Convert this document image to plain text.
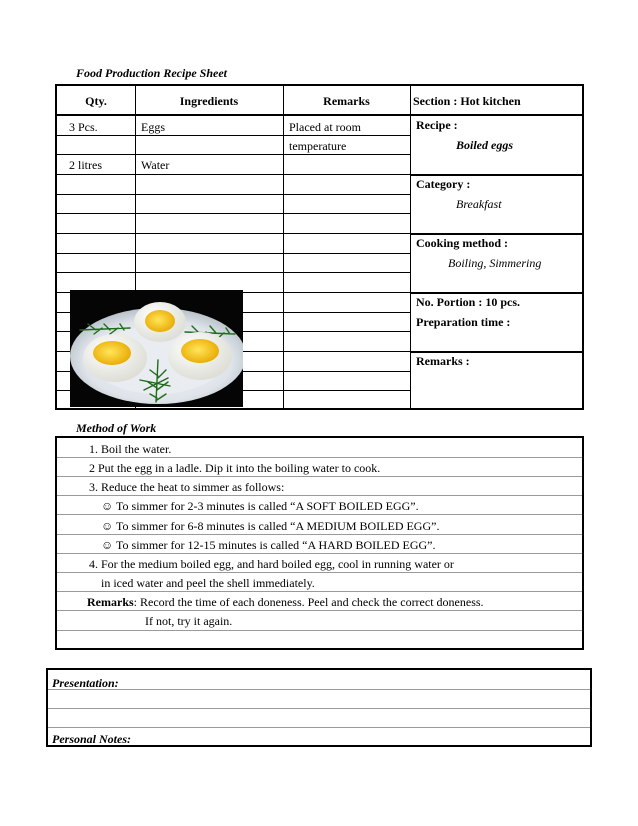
Food Production Recipe Sheet
Qty.	Ingredients	Remarks	Section : Hot kitchen
3 Pcs.	Eggs	Placed at room
temperature
2 litres	Water
Recipe :
Boiled eggs
Category :
Breakfast
Cooking method :
Boiling, Simmering
No. Portion : 10 pcs.
Preparation time :
Remarks :
Method of Work
1. Boil the water.
2 Put the egg in a ladle. Dip it into the boiling water to cook.
3. Reduce the heat to simmer as follows:
☺ To simmer for 2-3 minutes is called “A SOFT BOILED EGG”.
☺ To simmer for 6-8 minutes is called “A MEDIUM BOILED EGG”.
☺ To simmer for 12-15 minutes is called “A HARD BOILED EGG”.
4. For the medium boiled egg, and hard boiled egg, cool in running water or
in iced water and peel the shell immediately.
Remarks: Record the time of each doneness. Peel and check the correct doneness.
If not, try it again.
Presentation:
Personal Notes:
